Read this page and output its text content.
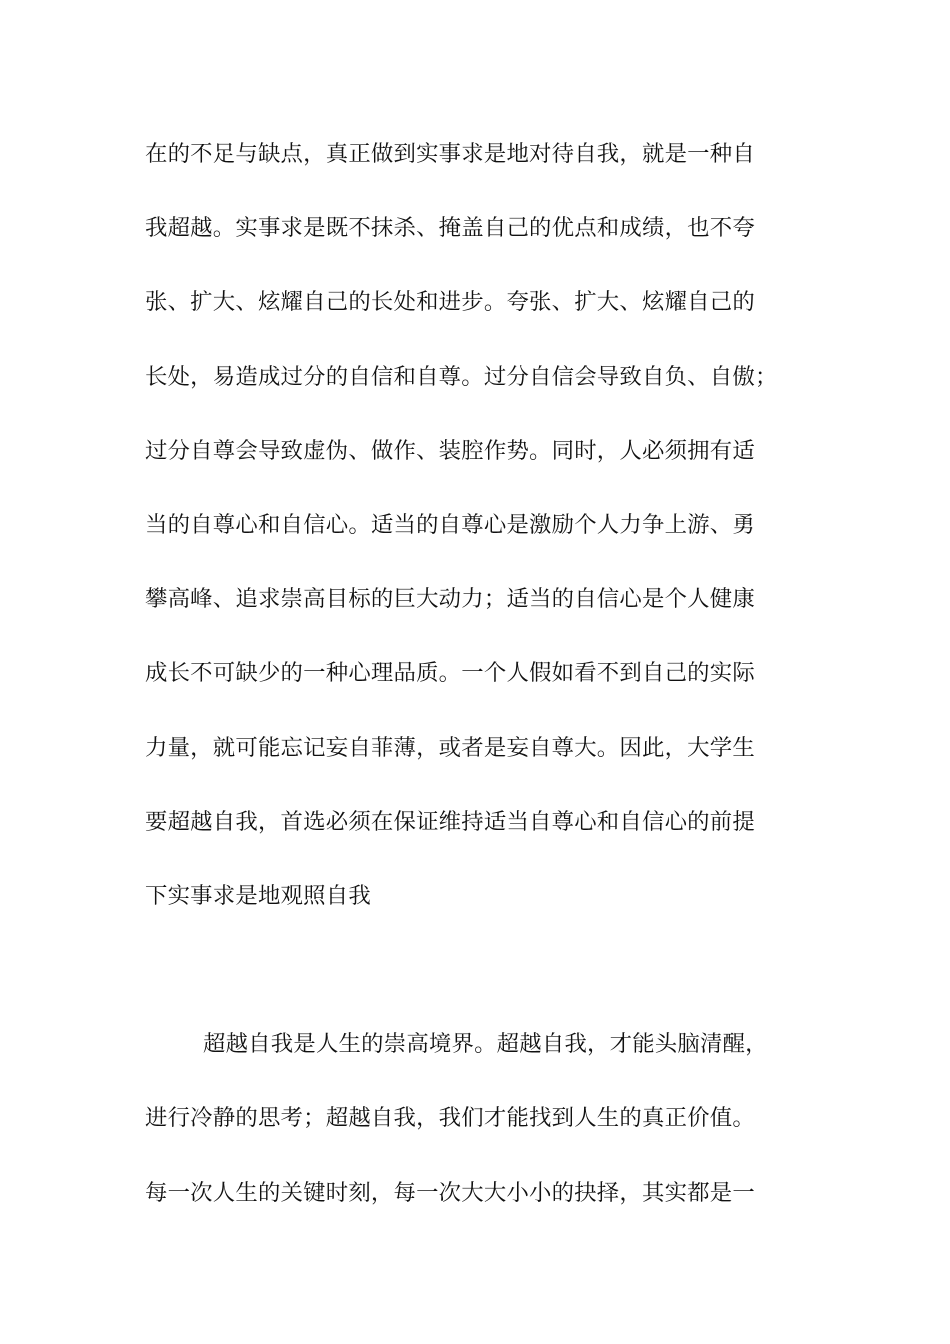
在的不足与缺点，真正做到实事求是地对待自我，就是一种自
我超越。实事求是既不抹杀、掩盖自己的优点和成绩，也不夸
张、扩大、炫耀自己的长处和进步。夸张、扩大、炫耀自己的
长处，易造成过分的自信和自尊。过分自信会导致自负、自傲；
过分自尊会导致虚伪、做作、装腔作势。同时，人必须拥有适
当的自尊心和自信心。适当的自尊心是激励个人力争上游、勇
攀高峰、追求崇高目标的巨大动力；适当的自信心是个人健康
成长不可缺少的一种心理品质。一个人假如看不到自己的实际
力量，就可能忘记妄自菲薄，或者是妄自尊大。因此，大学生
要超越自我，首选必须在保证维持适当自尊心和自信心的前提
下实事求是地观照自我
超越自我是人生的崇高境界。超越自我，才能头脑清醒，
进行冷静的思考；超越自我，我们才能找到人生的真正价值。
每一次人生的关键时刻，每一次大大小小的抉择，其实都是一
